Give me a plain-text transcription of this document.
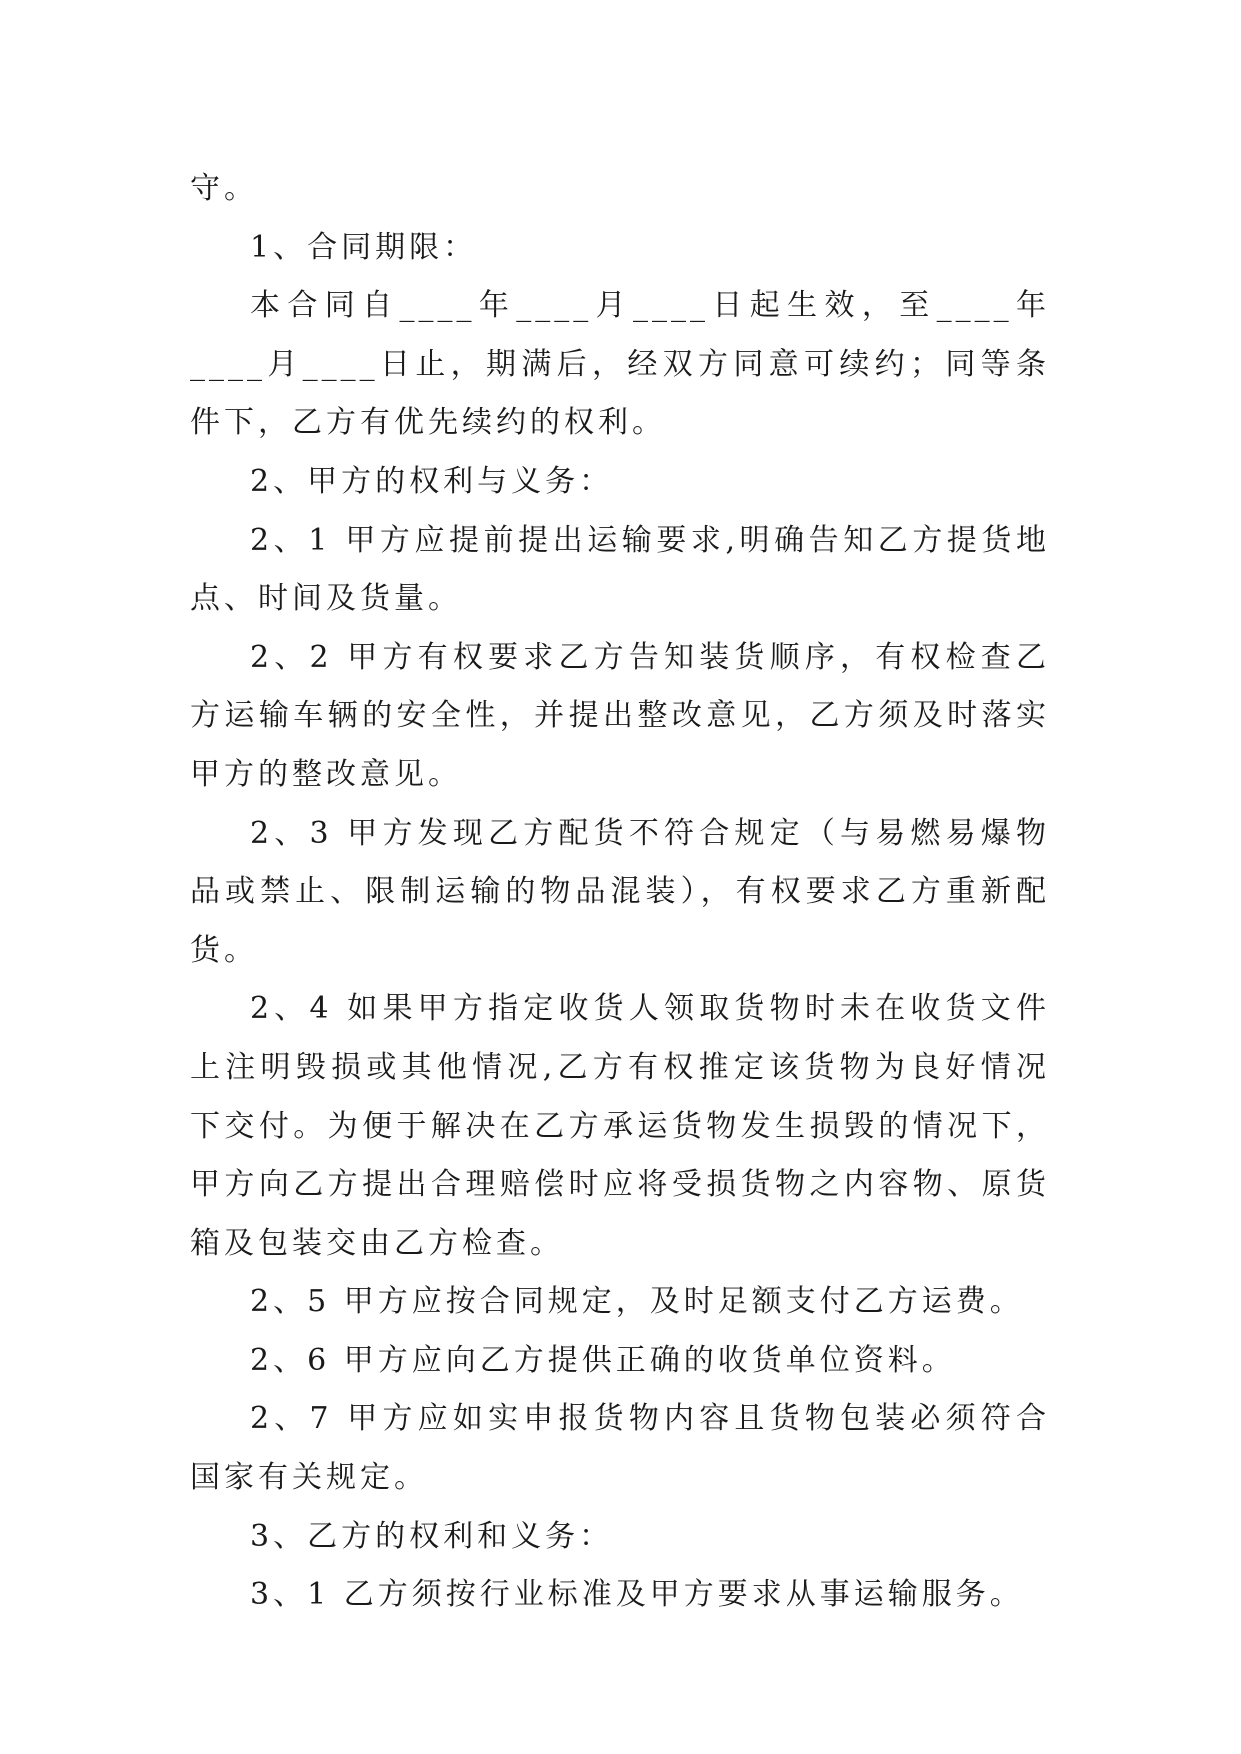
守。

1、合同期限：

本合同自____年____月____日起生效，至____年____月____日止，期满后，经双方同意可续约；同等条件下，乙方有优先续约的权利。

2、甲方的权利与义务：

2、1 甲方应提前提出运输要求,明确告知乙方提货地点、时间及货量。

2、2 甲方有权要求乙方告知装货顺序，有权检查乙方运输车辆的安全性，并提出整改意见，乙方须及时落实甲方的整改意见。

2、3 甲方发现乙方配货不符合规定（与易燃易爆物品或禁止、限制运输的物品混装），有权要求乙方重新配货。

2、4 如果甲方指定收货人领取货物时未在收货文件上注明毁损或其他情况,乙方有权推定该货物为良好情况下交付。为便于解决在乙方承运货物发生损毁的情况下，甲方向乙方提出合理赔偿时应将受损货物之内容物、原货箱及包装交由乙方检查。

2、5 甲方应按合同规定，及时足额支付乙方运费。

2、6 甲方应向乙方提供正确的收货单位资料。

2、7 甲方应如实申报货物内容且货物包装必须符合国家有关规定。

3、乙方的权利和义务：

3、1 乙方须按行业标准及甲方要求从事运输服务。
